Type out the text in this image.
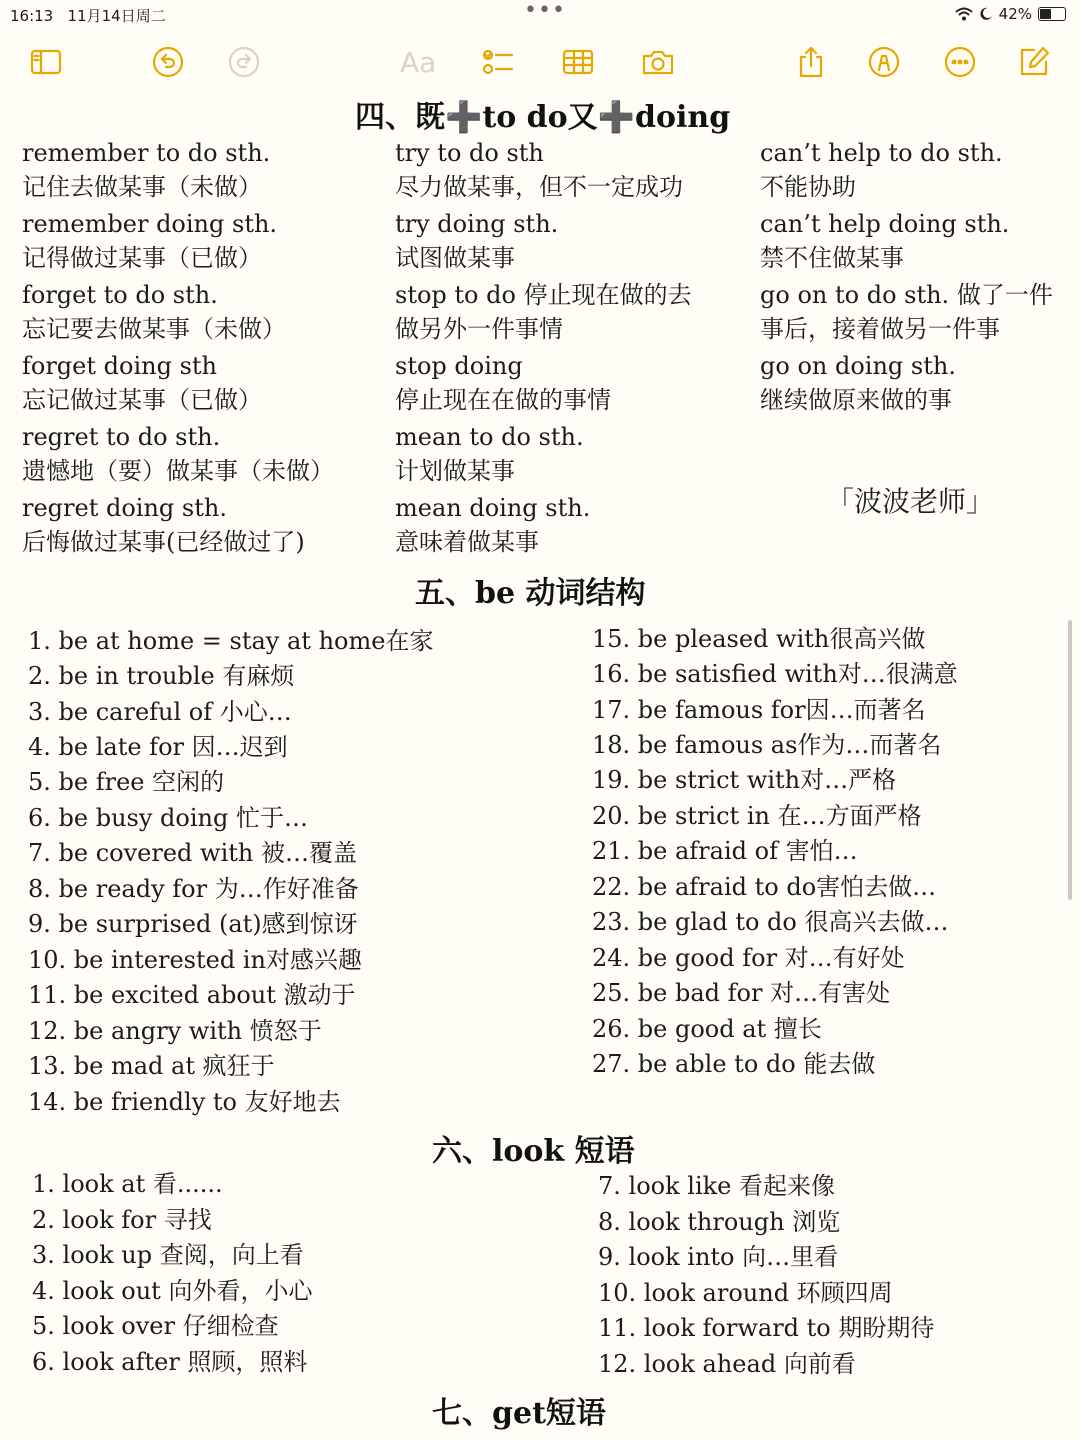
16:13 11月14日周二	•••	42%

Aa
四、既➕to do又➕doing
remember to do sth.
记住去做某事（未做）
remember doing sth.
记得做过某事（已做）
forget to do sth.
忘记要去做某事（未做）
forget doing sth
忘记做过某事（已做）
regret to do sth.
遗憾地（要）做某事（未做）
regret doing sth.
后悔做过某事(已经做过了)
try to do sth
尽力做某事，但不一定成功
try doing sth.
试图做某事
stop to do 停止现在做的去
做另外一件事情
stop doing
停止现在在做的事情
mean to do sth.
计划做某事
mean doing sth.
意味着做某事
can’t help to do sth.
不能协助
can’t help doing sth.
禁不住做某事
go on to do sth. 做了一件
事后，接着做另一件事
go on doing sth.
继续做原来做的事
「波波老师」
五、be 动词结构
1. be at home = stay at home在家
2. be in trouble 有麻烦
3. be careful of 小心…
4. be late for 因…迟到
5. be free 空闲的
6. be busy doing 忙于…
7. be covered with 被…覆盖
8. be ready for 为…作好准备
9. be surprised (at)感到惊讶
10. be interested in对感兴趣
11. be excited about 激动于
12. be angry with 愤怒于
13. be mad at 疯狂于
14. be friendly to 友好地去
15. be pleased with很高兴做
16. be satisfied with对…很满意
17. be famous for因…而著名
18. be famous as作为…而著名
19. be strict with对…严格
20. be strict in 在…方面严格
21. be afraid of 害怕…
22. be afraid to do害怕去做…
23. be glad to do 很高兴去做…
24. be good for 对…有好处
25. be bad for 对…有害处
26. be good at 擅长
27. be able to do 能去做
六、look 短语
1. look at 看......
2. look for 寻找
3. look up 查阅，向上看
4. look out 向外看，小心
5. look over 仔细检查
6. look after 照顾，照料
7. look like 看起来像
8. look through 浏览
9. look into 向…里看
10. look around 环顾四周
11. look forward to 期盼期待
12. look ahead 向前看
七、get短语
